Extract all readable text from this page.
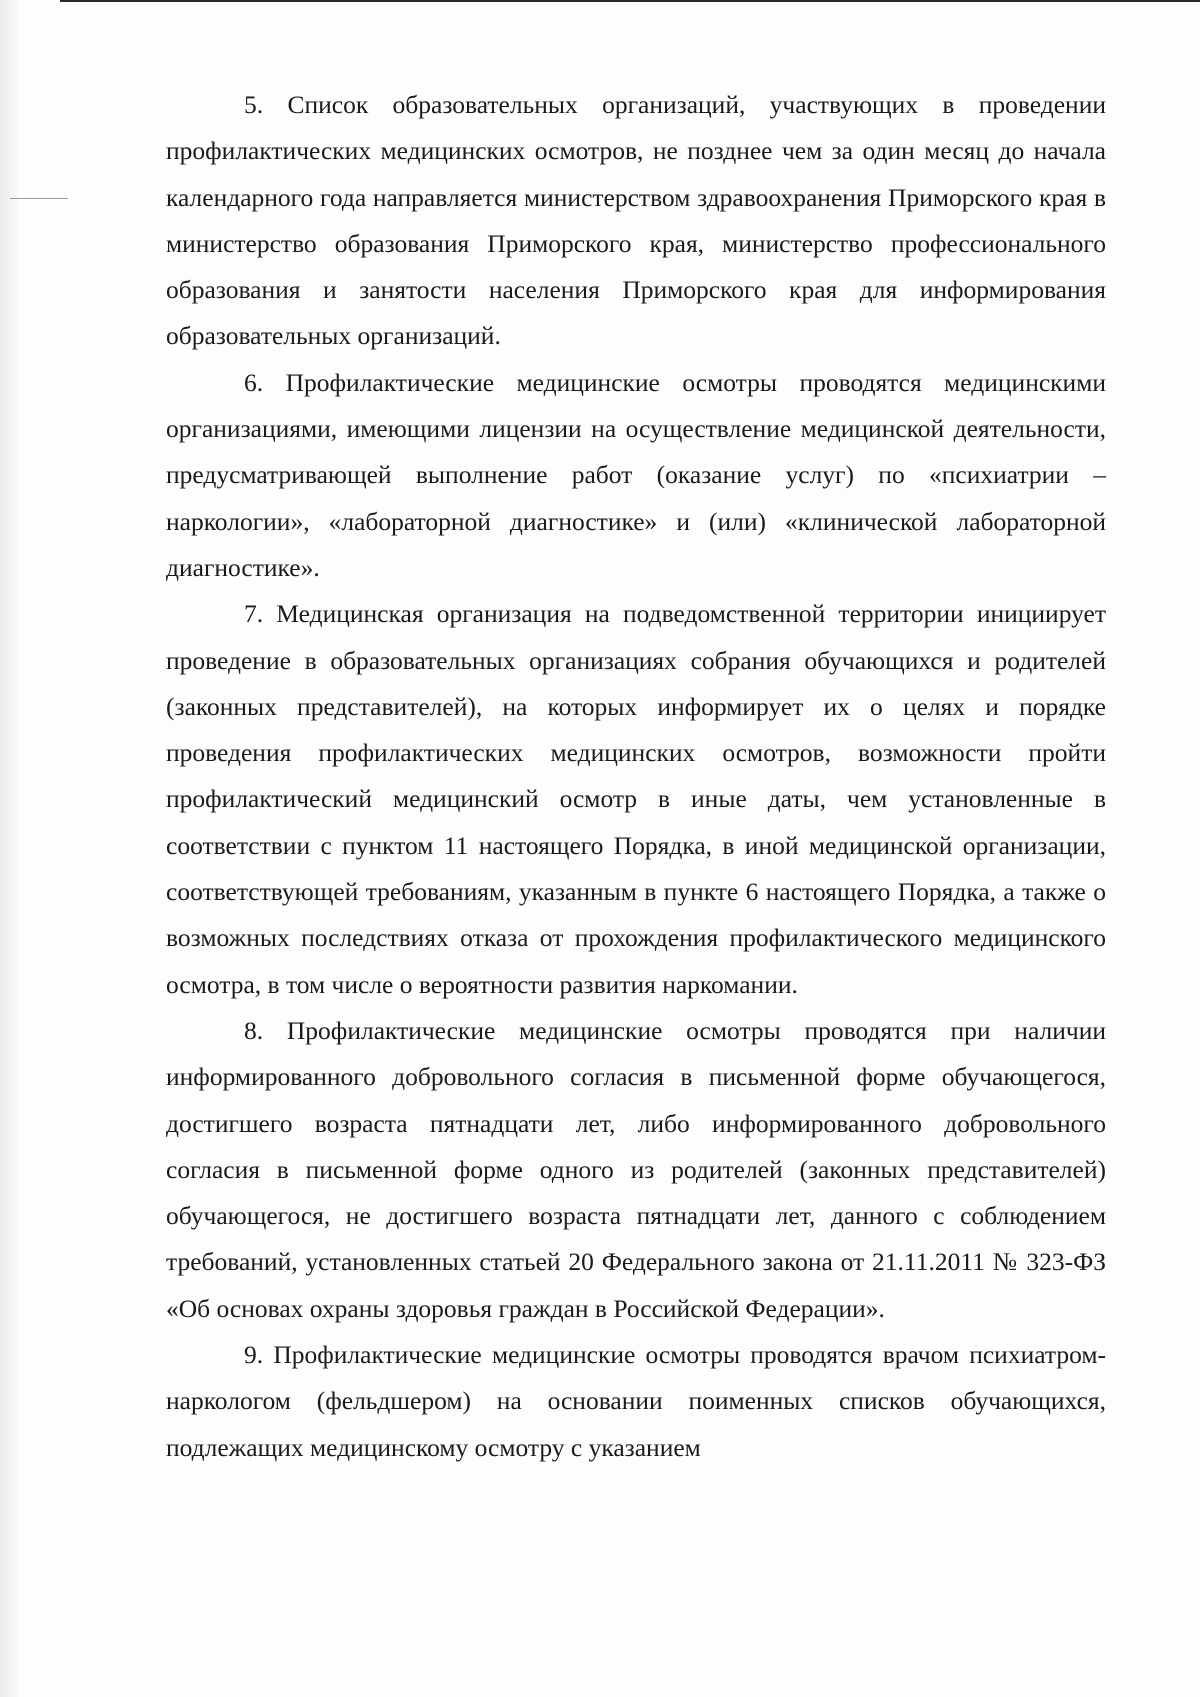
5. Список образовательных организаций, участвующих в проведении профилактических медицинских осмотров, не позднее чем за один месяц до начала календарного года направляется министерством здравоохранения Приморского края в министерство образования Приморского края, министерство профессионального образования и занятости населения Приморского края для информирования образовательных организаций.

6. Профилактические медицинские осмотры проводятся медицинскими организациями, имеющими лицензии на осуществление медицинской деятельности, предусматривающей выполнение работ (оказание услуг) по «психиатрии – наркологии», «лабораторной диагностике» и (или) «клинической лабораторной диагностике».

7. Медицинская организация на подведомственной территории инициирует проведение в образовательных организациях собрания обучающихся и родителей (законных представителей), на которых информирует их о целях и порядке проведения профилактических медицинских осмотров, возможности пройти профилактический медицинский осмотр в иные даты, чем установленные в соответствии с пунктом 11 настоящего Порядка, в иной медицинской организации, соответствующей требованиям, указанным в пункте 6 настоящего Порядка, а также о возможных последствиях отказа от прохождения профилактического медицинского осмотра, в том числе о вероятности развития наркомании.

8. Профилактические медицинские осмотры проводятся при наличии информированного добровольного согласия в письменной форме обучающегося, достигшего возраста пятнадцати лет, либо информированного добровольного согласия в письменной форме одного из родителей (законных представителей) обучающегося, не достигшего возраста пятнадцати лет, данного с соблюдением требований, установленных статьей 20 Федерального закона от 21.11.2011 № 323-ФЗ «Об основах охраны здоровья граждан в Российской Федерации».

9. Профилактические медицинские осмотры проводятся врачом психиатром-наркологом (фельдшером) на основании поименных списков обучающихся, подлежащих медицинскому осмотру с указанием
